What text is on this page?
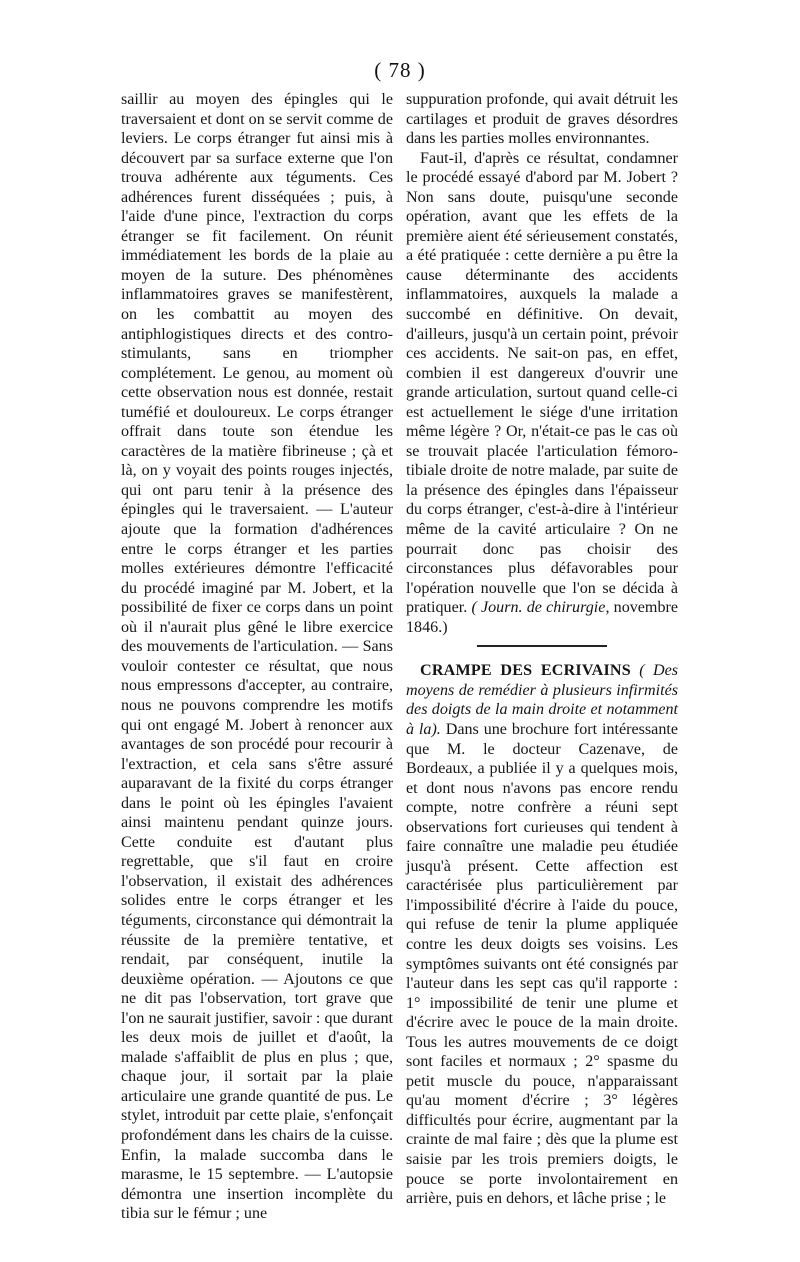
( 78 )

saillir au moyen des épingles qui le traversaient et dont on se servit comme de leviers. Le corps étranger fut ainsi mis à découvert par sa surface externe que l'on trouva adhérente aux téguments. Ces adhérences furent disséquées ; puis, à l'aide d'une pince, l'extraction du corps étranger se fit facilement. On réunit immédiatement les bords de la plaie au moyen de la suture. Des phénomènes inflammatoires graves se manifestèrent, on les combattit au moyen des antiphlogistiques directs et des contro-stimulants, sans en triompher complétement. Le genou, au moment où cette observation nous est donnée, restait tuméfié et douloureux. Le corps étranger offrait dans toute son étendue les caractères de la matière fibrineuse ; çà et là, on y voyait des points rouges injectés, qui ont paru tenir à la présence des épingles qui le traversaient. — L'auteur ajoute que la formation d'adhérences entre le corps étranger et les parties molles extérieures démontre l'efficacité du procédé imaginé par M. Jobert, et la possibilité de fixer ce corps dans un point où il n'aurait plus gêné le libre exercice des mouvements de l'articulation. — Sans vouloir contester ce résultat, que nous nous empressons d'accepter, au contraire, nous ne pouvons comprendre les motifs qui ont engagé M. Jobert à renoncer aux avantages de son procédé pour recourir à l'extraction, et cela sans s'être assuré auparavant de la fixité du corps étranger dans le point où les épingles l'avaient ainsi maintenu pendant quinze jours. Cette conduite est d'autant plus regrettable, que s'il faut en croire l'observation, il existait des adhérences solides entre le corps étranger et les téguments, circonstance qui démontrait la réussite de la première tentative, et rendait, par conséquent, inutile la deuxième opération. — Ajoutons ce que ne dit pas l'observation, tort grave que l'on ne saurait justifier, savoir : que durant les deux mois de juillet et d'août, la malade s'affaiblit de plus en plus ; que, chaque jour, il sortait par la plaie articulaire une grande quantité de pus. Le stylet, introduit par cette plaie, s'enfonçait profondément dans les chairs de la cuisse. Enfin, la malade succomba dans le marasme, le 15 septembre. — L'autopsie démontra une insertion incomplète du tibia sur le fémur ; une

suppuration profonde, qui avait détruit les cartilages et produit de graves désordres dans les parties molles environnantes.

Faut-il, d'après ce résultat, condamner le procédé essayé d'abord par M. Jobert ? Non sans doute, puisqu'une seconde opération, avant que les effets de la première aient été sérieusement constatés, a été pratiquée : cette dernière a pu être la cause déterminante des accidents inflammatoires, auxquels la malade a succombé en définitive. On devait, d'ailleurs, jusqu'à un certain point, prévoir ces accidents. Ne sait-on pas, en effet, combien il est dangereux d'ouvrir une grande articulation, surtout quand celle-ci est actuellement le siége d'une irritation même légère ? Or, n'était-ce pas le cas où se trouvait placée l'articulation fémoro-tibiale droite de notre malade, par suite de la présence des épingles dans l'épaisseur du corps étranger, c'est-à-dire à l'intérieur même de la cavité articulaire ? On ne pourrait donc pas choisir des circonstances plus défavorables pour l'opération nouvelle que l'on se décida à pratiquer. ( Journ. de chirurgie, novembre 1846.)

CRAMPE DES ECRIVAINS ( Des moyens de remédier à plusieurs infirmités des doigts de la main droite et notamment à la). Dans une brochure fort intéressante que M. le docteur Cazenave, de Bordeaux, a publiée il y a quelques mois, et dont nous n'avons pas encore rendu compte, notre confrère a réuni sept observations fort curieuses qui tendent à faire connaître une maladie peu étudiée jusqu'à présent. Cette affection est caractérisée plus particulièrement par l'impossibilité d'écrire à l'aide du pouce, qui refuse de tenir la plume appliquée contre les deux doigts ses voisins. Les symptômes suivants ont été consignés par l'auteur dans les sept cas qu'il rapporte : 1° impossibilité de tenir une plume et d'écrire avec le pouce de la main droite. Tous les autres mouvements de ce doigt sont faciles et normaux ; 2° spasme du petit muscle du pouce, n'apparaissant qu'au moment d'écrire ; 3° légères difficultés pour écrire, augmentant par la crainte de mal faire ; dès que la plume est saisie par les trois premiers doigts, le pouce se porte involontairement en arrière, puis en dehors, et lâche prise ; le
